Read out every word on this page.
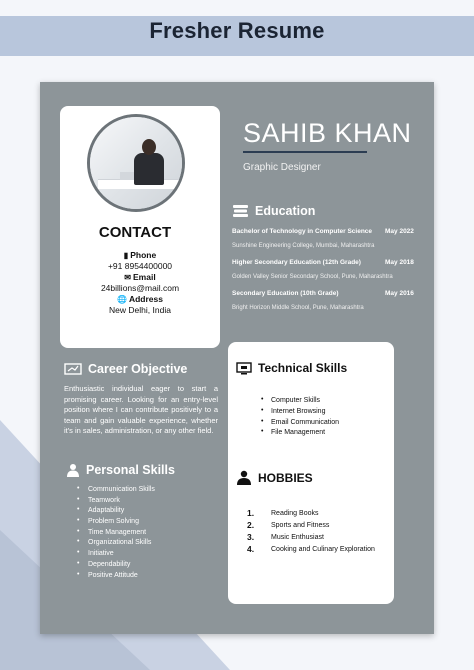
Fresher Resume
CONTACT
▮ Phone
+91 8954400000
✉ Email
24billions@mail.com
🌐 Address
New Delhi, India
SAHIB KHAN
Graphic Designer
Education
Bachelor of Technology in Computer Science May 2022
Sunshine Engineering College, Mumbai, Maharashtra
Higher Secondary Education (12th Grade)	May 2018
Golden Valley Senior Secondary School, Pune, Maharashtra
Secondary Education (10th Grade)	May 2016
Bright Horizon Middle School, Pune, Maharashtra
Career Objective
Enthusiastic individual eager to start a promising career. Looking for an entry-level position where I can contribute positively to a team and gain valuable experience, whether it's in sales, administration, or any other field.
Personal Skills
• Communication Skills
• Teamwork
• Adaptability
• Problem Solving
• Time Management
• Organizational Skills
• Initiative
• Dependability
• Positive Attitude
Technical Skills
• Computer Skills
• Internet Browsing
• Email Communication
• File Management
HOBBIES
1.	Reading Books
2.	Sports and Fitness
3.	Music Enthusiast
4.	Cooking and Culinary Exploration
